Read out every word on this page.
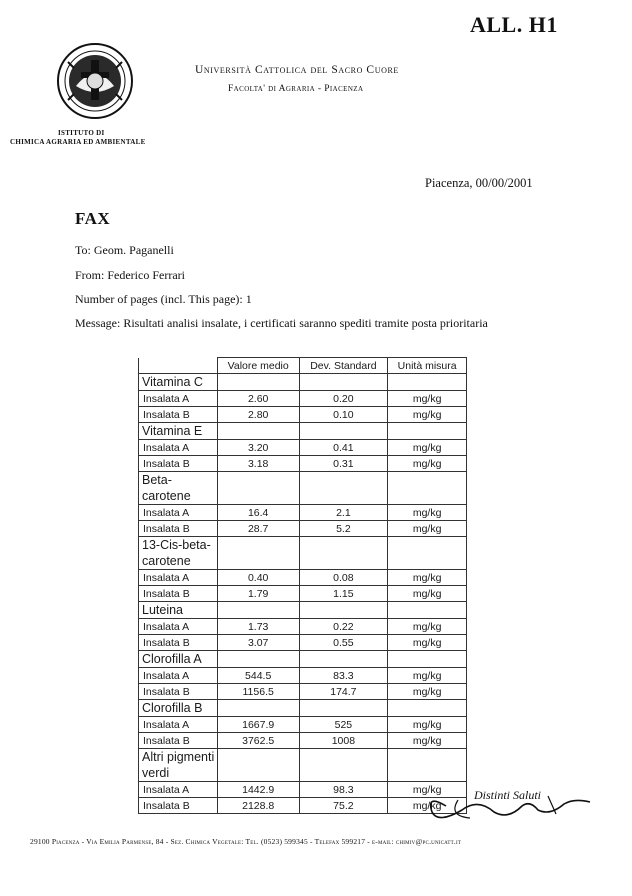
ALL. H1
Università Cattolica del Sacro Cuore
Facolta' di Agraria - Piacenza
ISTITUTO DI
CHIMICA AGRARIA ED AMBIENTALE
Piacenza, 00/00/2001
FAX
To: Geom. Paganelli
From: Federico Ferrari
Number of pages (incl. This page): 1
Message: Risultati analisi insalate, i certificati saranno spediti tramite posta prioritaria
	Valore medio	Dev. Standard	Unità misura
Vitamina C			
Insalata A	2.60	0.20	mg/kg
Insalata B	2.80	0.10	mg/kg
Vitamina E			
Insalata A	3.20	0.41	mg/kg
Insalata B	3.18	0.31	mg/kg
Beta-carotene			
Insalata A	16.4	2.1	mg/kg
Insalata B	28.7	5.2	mg/kg
13-Cis-beta-carotene			
Insalata A	0.40	0.08	mg/kg
Insalata B	1.79	1.15	mg/kg
Luteina			
Insalata A	1.73	0.22	mg/kg
Insalata B	3.07	0.55	mg/kg
Clorofilla A			
Insalata A	544.5	83.3	mg/kg
Insalata B	1156.5	174.7	mg/kg
Clorofilla B			
Insalata A	1667.9	525	mg/kg
Insalata B	3762.5	1008	mg/kg
Altri pigmenti verdi			
Insalata A	1442.9	98.3	mg/kg
Insalata B	2128.8	75.2	mg/kg
Distinti Saluti
29100 Piacenza - Via Emilia Parmense, 84 - Sez. Chimica Vegetale: Tel. (0523) 599345 - Telefax 599217 - e-mail: chimiv@pc.unicatt.it
